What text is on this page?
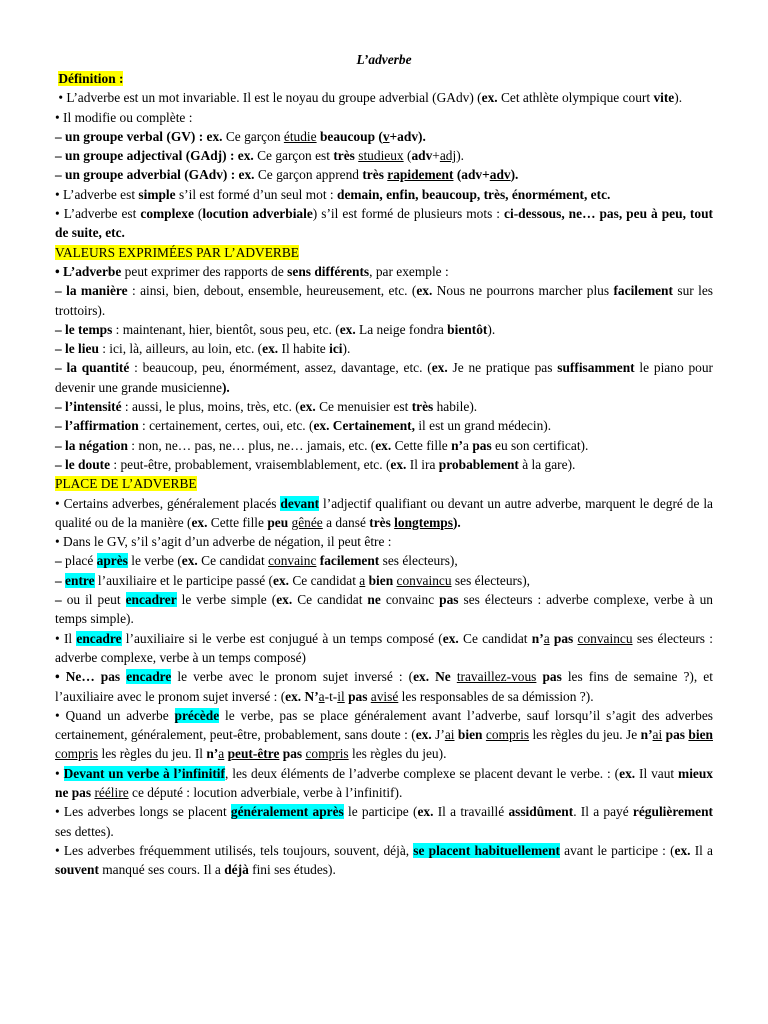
L’adverbe

Définition :

• L’adverbe est un mot invariable. Il est le noyau du groupe adverbial (GAdv) (ex. Cet athlète olympique court vite).

• Il modifie ou complète :

– un groupe verbal (GV) : ex. Ce garçon étudie beaucoup (v+adv).

– un groupe adjectival (GAdj) : ex. Ce garçon est très studieux (adv+adj).

– un groupe adverbial (GAdv) : ex. Ce garçon apprend très rapidement (adv+adv).

• L’adverbe est simple s’il est formé d’un seul mot : demain, enfin, beaucoup, très, énormément, etc.

• L’adverbe est complexe (locution adverbiale) s’il est formé de plusieurs mots : ci-dessous, ne… pas, peu à peu, tout de suite, etc.

VALEURS EXPRIMÉES PAR L’ADVERBE

• L’adverbe peut exprimer des rapports de sens différents, par exemple :

– la manière : ainsi, bien, debout, ensemble, heureusement, etc. (ex. Nous ne pourrons marcher plus facilement sur les trottoirs).

– le temps : maintenant, hier, bientôt, sous peu, etc. (ex. La neige fondra bientôt).

– le lieu : ici, là, ailleurs, au loin, etc. (ex. Il habite ici).

– la quantité : beaucoup, peu, énormément, assez, davantage, etc. (ex. Je ne pratique pas suffisamment le piano pour devenir une grande musicienne).

– l’intensité : aussi, le plus, moins, très, etc. (ex. Ce menuisier est très habile).

– l’affirmation : certainement, certes, oui, etc. (ex. Certainement, il est un grand médecin).

– la négation : non, ne… pas, ne… plus, ne… jamais, etc. (ex. Cette fille n’a pas eu son certificat).

– le doute : peut-être, probablement, vraisemblablement, etc. (ex. Il ira probablement à la gare).

PLACE DE L’ADVERBE

• Certains adverbes, généralement placés devant l’adjectif qualifiant ou devant un autre adverbe, marquent le degré de la qualité ou de la manière (ex. Cette fille peu gênée a dansé très longtemps).

• Dans le GV, s’il s’agit d’un adverbe de négation, il peut être :

– placé après le verbe (ex. Ce candidat convainc facilement ses électeurs),

– entre l’auxiliaire et le participe passé (ex. Ce candidat a bien convaincu ses électeurs),

– ou il peut encadrer le verbe simple (ex. Ce candidat ne convainc pas ses électeurs : adverbe complexe, verbe à un temps simple).

• Il encadre l’auxiliaire si le verbe est conjugué à un temps composé (ex. Ce candidat n’a pas convaincu ses électeurs : adverbe complexe, verbe à un temps composé)

• Ne… pas encadre le verbe avec le pronom sujet inversé : (ex. Ne travaillez-vous pas les fins de semaine ?), et l’auxiliaire avec le pronom sujet inversé : (ex. N’a-t-il pas avisé les responsables de sa démission ?).

• Quand un adverbe précède le verbe, pas se place généralement avant l’adverbe, sauf lorsqu’il s’agit des adverbes certainement, généralement, peut-être, probablement, sans doute : (ex. J’ai bien compris les règles du jeu. Je n’ai pas bien compris les règles du jeu. Il n’a peut-être pas compris les règles du jeu).

• Devant un verbe à l’infinitif, les deux éléments de l’adverbe complexe se placent devant le verbe. : (ex. Il vaut mieux ne pas réélire ce député : locution adverbiale, verbe à l’infinitif).

• Les adverbes longs se placent généralement après le participe (ex. Il a travaillé assidûment. Il a payé régulièrement ses dettes).

• Les adverbes fréquemment utilisés, tels toujours, souvent, déjà, se placent habituellement avant le participe : (ex. Il a souvent manqué ses cours. Il a déjà fini ses études).
